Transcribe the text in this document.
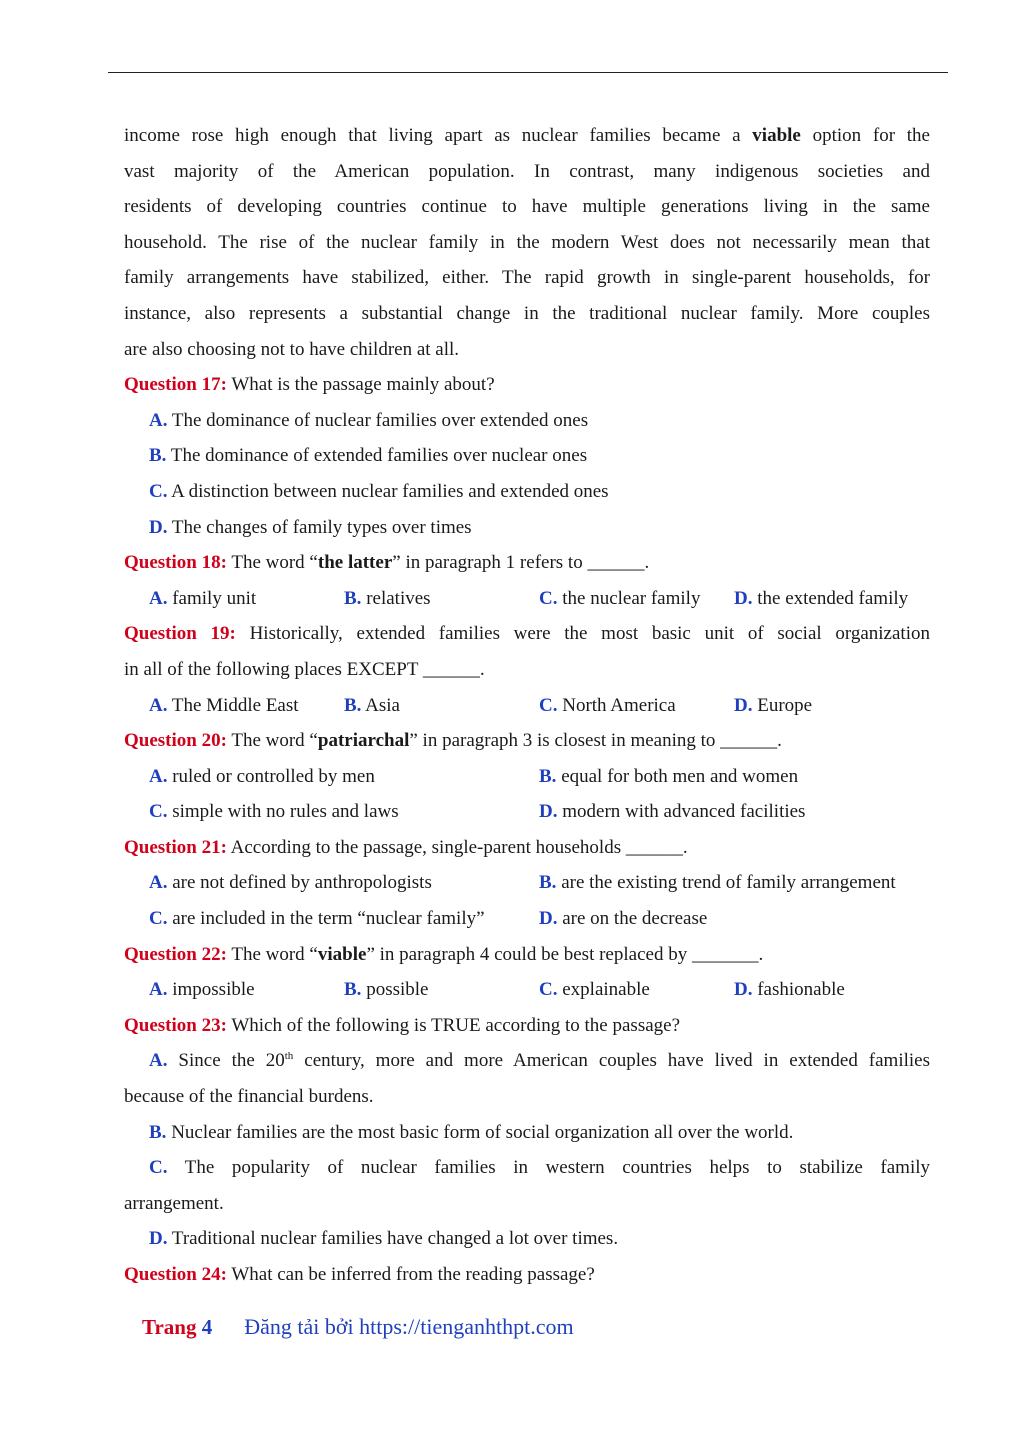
income rose high enough that living apart as nuclear families became a viable option for the
vast majority of the American population. In contrast, many indigenous societies and
residents of developing countries continue to have multiple generations living in the same
household. The rise of the nuclear family in the modern West does not necessarily mean that
family arrangements have stabilized, either. The rapid growth in single-parent households, for
instance, also represents a substantial change in the traditional nuclear family. More couples
are also choosing not to have children at all.
Question 17: What is the passage mainly about?
A. The dominance of nuclear families over extended ones
B. The dominance of extended families over nuclear ones
C. A distinction between nuclear families and extended ones
D. The changes of family types over times
Question 18: The word “the latter” in paragraph 1 refers to ______.
A. family unit	B. relatives	C. the nuclear family	D. the extended family
Question 19: Historically, extended families were the most basic unit of social organization
in all of the following places EXCEPT ______.
A. The Middle East	B. Asia	C. North America	D. Europe
Question 20: The word “patriarchal” in paragraph 3 is closest in meaning to ______.
A. ruled or controlled by men	B. equal for both men and women
C. simple with no rules and laws	D. modern with advanced facilities
Question 21: According to the passage, single-parent households ______.
A. are not defined by anthropologists	B. are the existing trend of family arrangement
C. are included in the term “nuclear family”	D. are on the decrease
Question 22: The word “viable” in paragraph 4 could be best replaced by _______.
A. impossible	B. possible	C. explainable	D. fashionable
Question 23: Which of the following is TRUE according to the passage?
A. Since the 20th century, more and more American couples have lived in extended families
because of the financial burdens.
B. Nuclear families are the most basic form of social organization all over the world.
C. The popularity of nuclear families in western countries helps to stabilize family
arrangement.
D. Traditional nuclear families have changed a lot over times.
Question 24: What can be inferred from the reading passage?
Trang 4 Đăng tải bởi https://tienganhthpt.com
